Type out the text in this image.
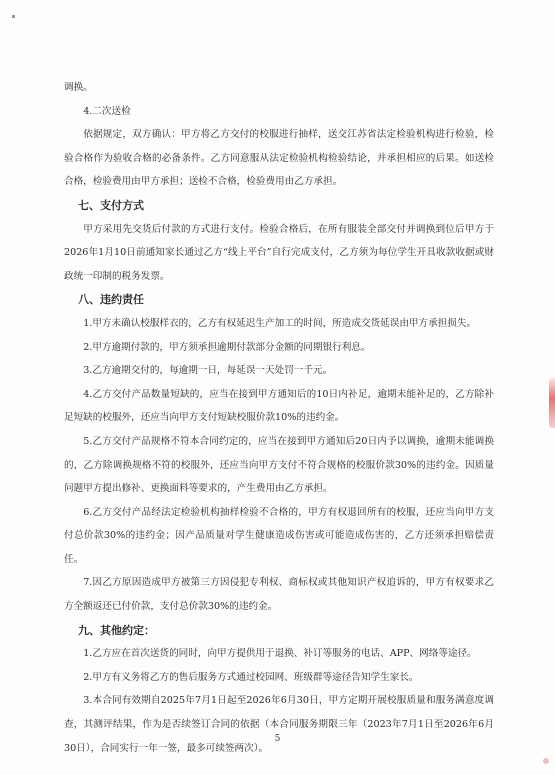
调换。

4.二次送检

依据规定，双方确认：甲方将乙方交付的校服进行抽样，送交江苏省法定检验机构进行检验，检验合格作为验收合格的必备条件。乙方同意服从法定检验机构检验结论，并承担相应的后果。如送检合格，检验费用由甲方承担；送检不合格，检验费用由乙方承担。

七、支付方式

甲方采用先交货后付款的方式进行支付。检验合格后，在所有服装全部交付并调换到位后甲方于2026年1月10日前通知家长通过乙方“线上平台”自行完成支付，乙方须为每位学生开具收款收据或财政统一印制的税务发票。

八、违约责任

1.甲方未确认校服样衣的，乙方有权延迟生产加工的时间，所造成交货延误由甲方承担损失。

2.甲方逾期付款的，甲方须承担逾期付款部分金额的同期银行利息。

3.乙方逾期交付的，每逾期一日，每延误一天处罚一千元。

4.乙方交付产品数量短缺的，应当在接到甲方通知后的10日内补足，逾期未能补足的，乙方除补足短缺的校服外，还应当向甲方支付短缺校服价款10%的违约金。

5.乙方交付产品规格不符本合同约定的，应当在接到甲方通知后20日内予以调换，逾期未能调换的，乙方除调换规格不符的校服外，还应当向甲方支付不符合规格的校服价款30%的违约金。因质量问题甲方提出修补、更换面料等要求的，产生费用由乙方承担。

6.乙方交付产品经法定检验机构抽样检验不合格的，甲方有权退回所有的校服，还应当向甲方支付总价款30%的违约金；因产品质量对学生健康造成伤害或可能造成伤害的，乙方还须承担赔偿责任。

7.因乙方原因造成甲方被第三方因侵犯专利权、商标权或其他知识产权追诉的，甲方有权要求乙方全额返还已付价款，支付总价款30%的违约金。

九、其他约定：

1.乙方应在首次送货的同时，向甲方提供用于退换、补订等服务的电话、APP、网络等途径。

2.甲方有义务将乙方的售后服务方式通过校园网、班级群等途径告知学生家长。

3.本合同有效期自2025年7月1日起至2026年6月30日，甲方定期开展校服质量和服务满意度调查，其测评结果，作为是否续签订合同的依据（本合同服务期限三年（2023年7月1日至2026年6月30日），合同实行一年一签，最多可续签两次）。

5
